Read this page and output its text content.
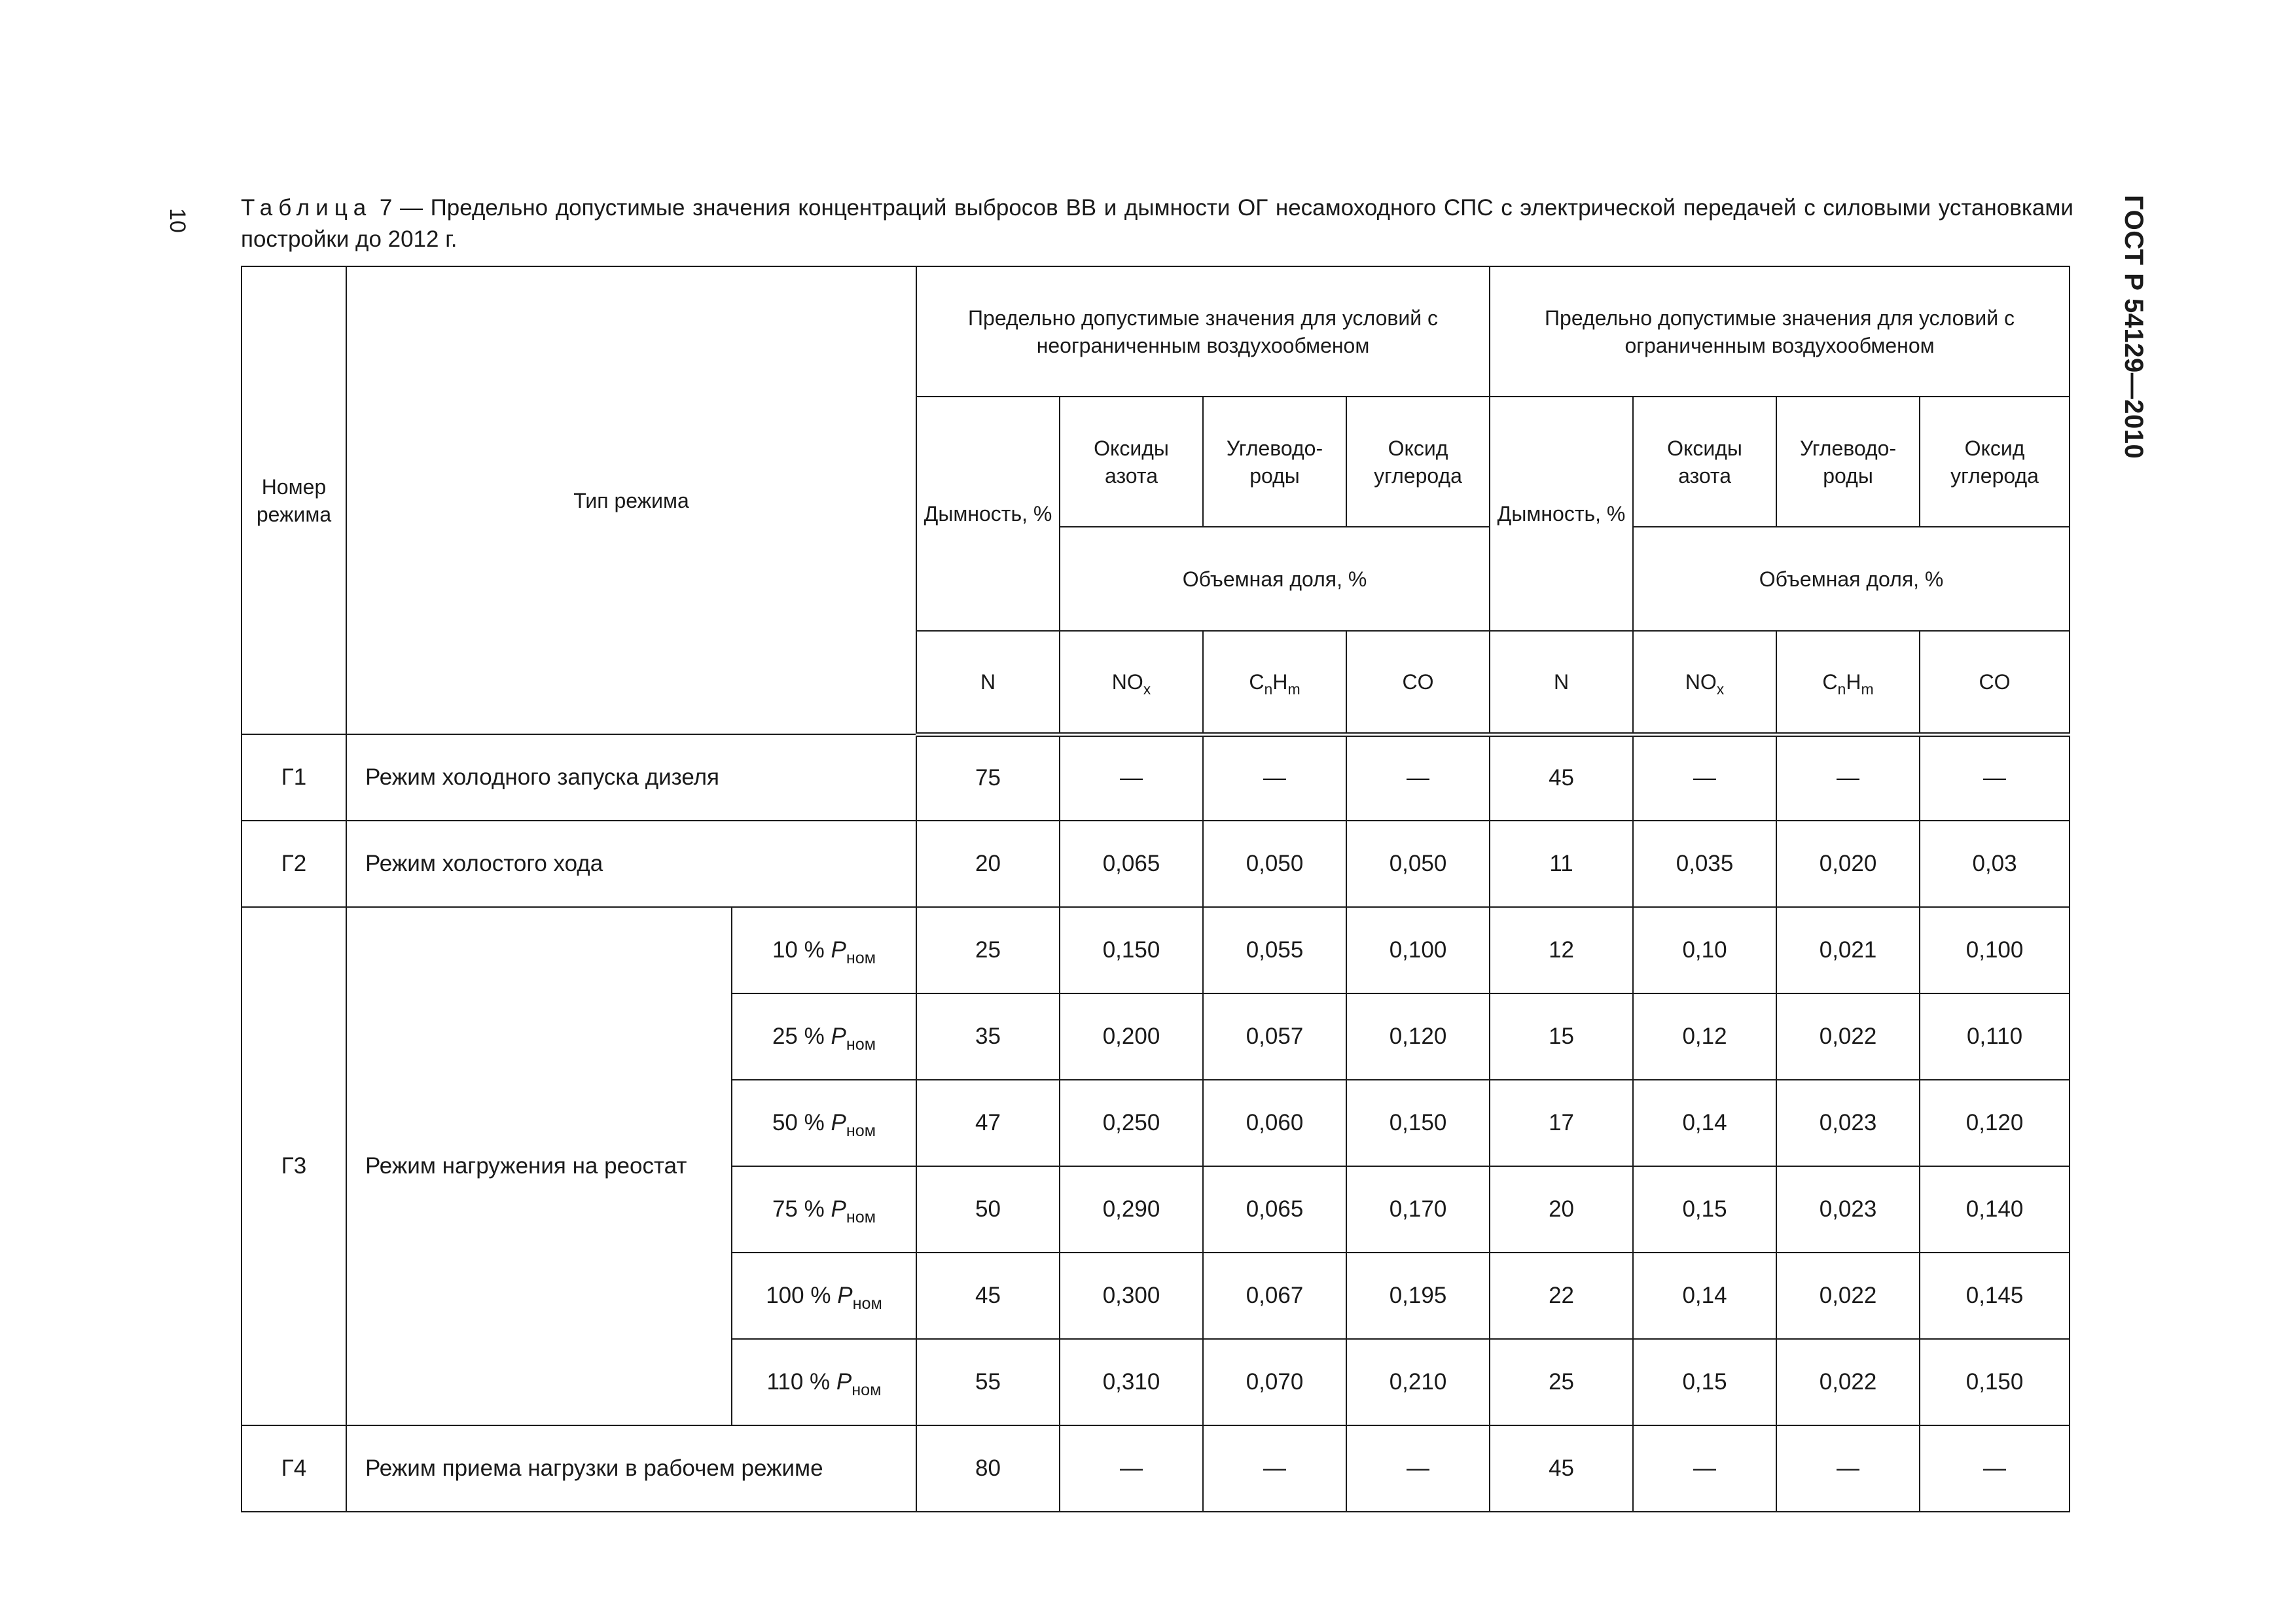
10	ГОСТ Р 54129—2010
Таблица 7 — Предельно допустимые значения концентраций выбросов ВВ и дымности ОГ несамоходного СПС с электрической передачей с силовыми установками постройки до 2012 г.
Номер режима	Тип режима		Предельно допустимые значения для условий с неограниченным воздухообменом				Предельно допустимые значения для условий с ограниченным воздухообменом			
			Дымность, %	Оксиды азота	Углеводо-роды	Оксид углерода	Дымность, %	Оксиды азота	Углеводо-роды	Оксид углерода
				Объемная доля, %				Объемная доля, %		
			N	$NO_x$	$C_nH_m$	CO	N	$NO_x$	$C_nH_m$	CO
Г1	Режим холодного запуска дизеля		75	—	—	—	45	—	—	—
Г2	Режим холостого хода		20	0,065	0,050	0,050	11	0,035	0,020	0,03
Г3	Режим нагружения на реостат	10 % $P_{ном}$	25	0,150	0,055	0,100	12	0,10	0,021	0,100
		25 % $P_{ном}$	35	0,200	0,057	0,120	15	0,12	0,022	0,110
		50 % $P_{ном}$	47	0,250	0,060	0,150	17	0,14	0,023	0,120
		75 % $P_{ном}$	50	0,290	0,065	0,170	20	0,15	0,023	0,140
		100 % $P_{ном}$	45	0,300	0,067	0,195	22	0,14	0,022	0,145
		110 % $P_{ном}$	55	0,310	0,070	0,210	25	0,15	0,022	0,150
Г4	Режим приема нагрузки в рабочем режиме		80	—	—	—	45	—	—	—
